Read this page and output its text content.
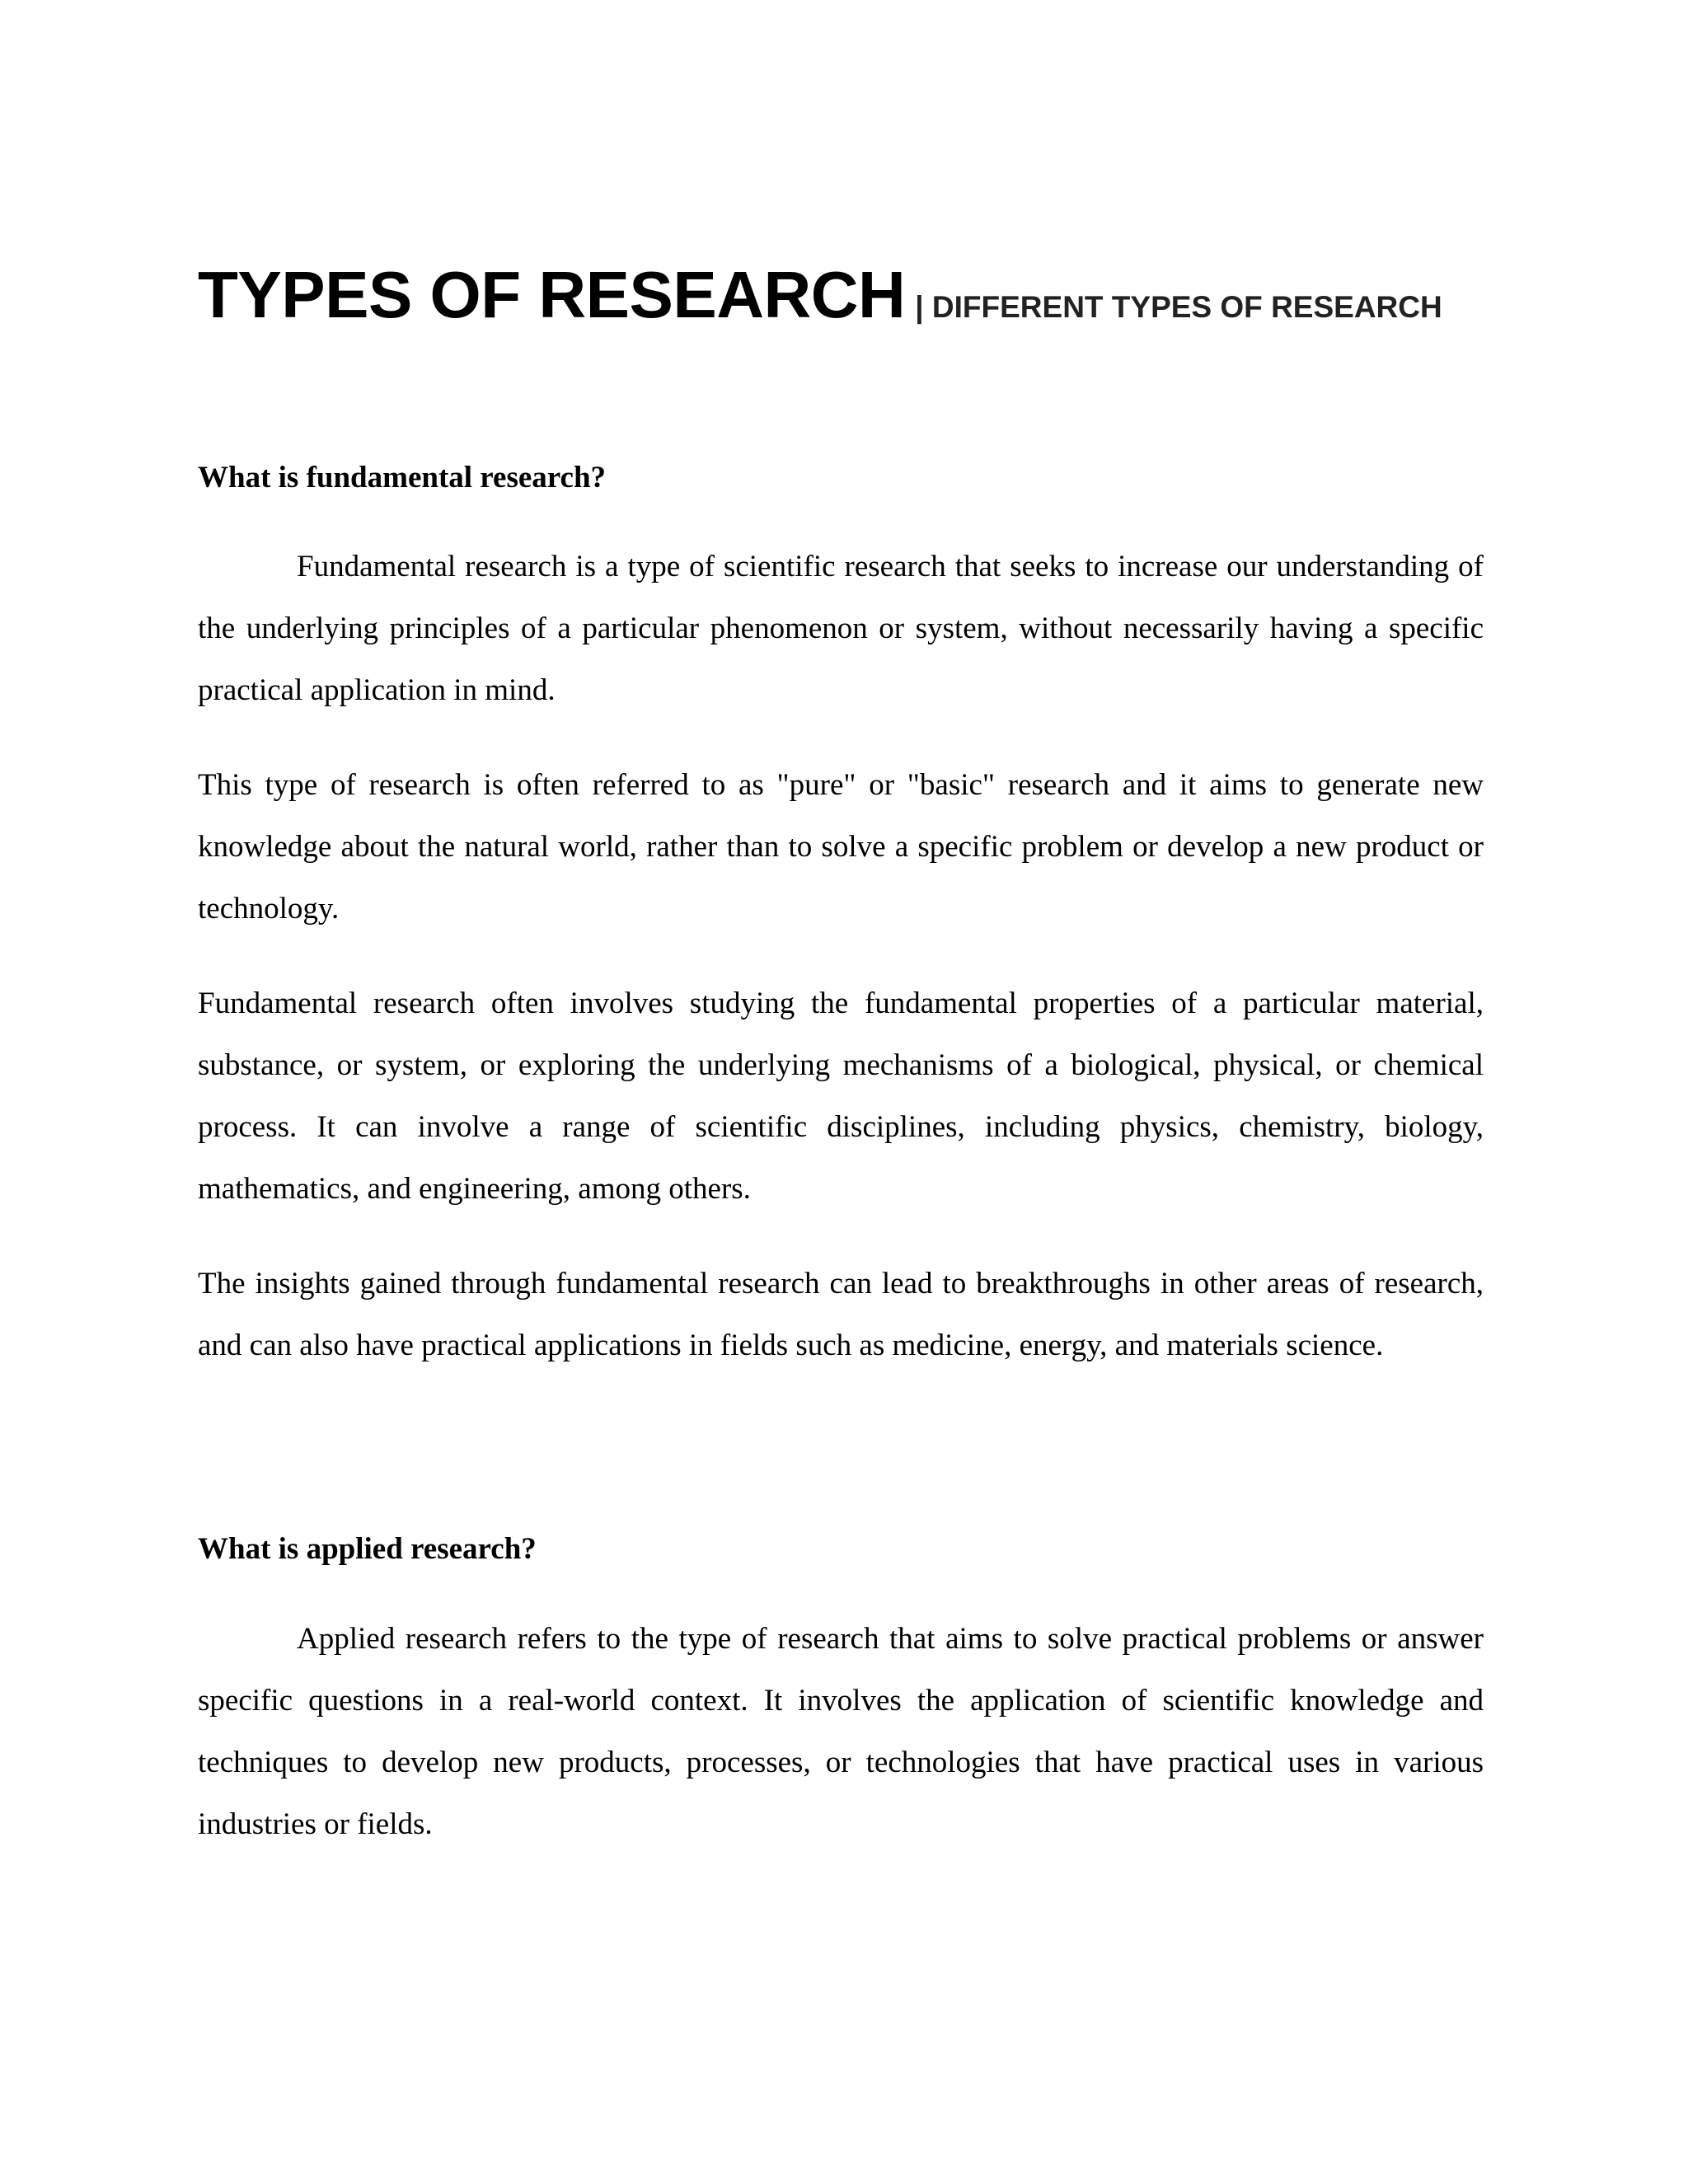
TYPES OF RESEARCH | DIFFERENT TYPES OF RESEARCH
What is fundamental research?

Fundamental research is a type of scientific research that seeks to increase our understanding of the underlying principles of a particular phenomenon or system, without necessarily having a specific practical application in mind.

This type of research is often referred to as "pure" or "basic" research and it aims to generate new knowledge about the natural world, rather than to solve a specific problem or develop a new product or technology.

Fundamental research often involves studying the fundamental properties of a particular material, substance, or system, or exploring the underlying mechanisms of a biological, physical, or chemical process. It can involve a range of scientific disciplines, including physics, chemistry, biology, mathematics, and engineering, among others.

The insights gained through fundamental research can lead to breakthroughs in other areas of research, and can also have practical applications in fields such as medicine, energy, and materials science.

What is applied research?

Applied research refers to the type of research that aims to solve practical problems or answer specific questions in a real-world context. It involves the application of scientific knowledge and techniques to develop new products, processes, or technologies that have practical uses in various industries or fields.
